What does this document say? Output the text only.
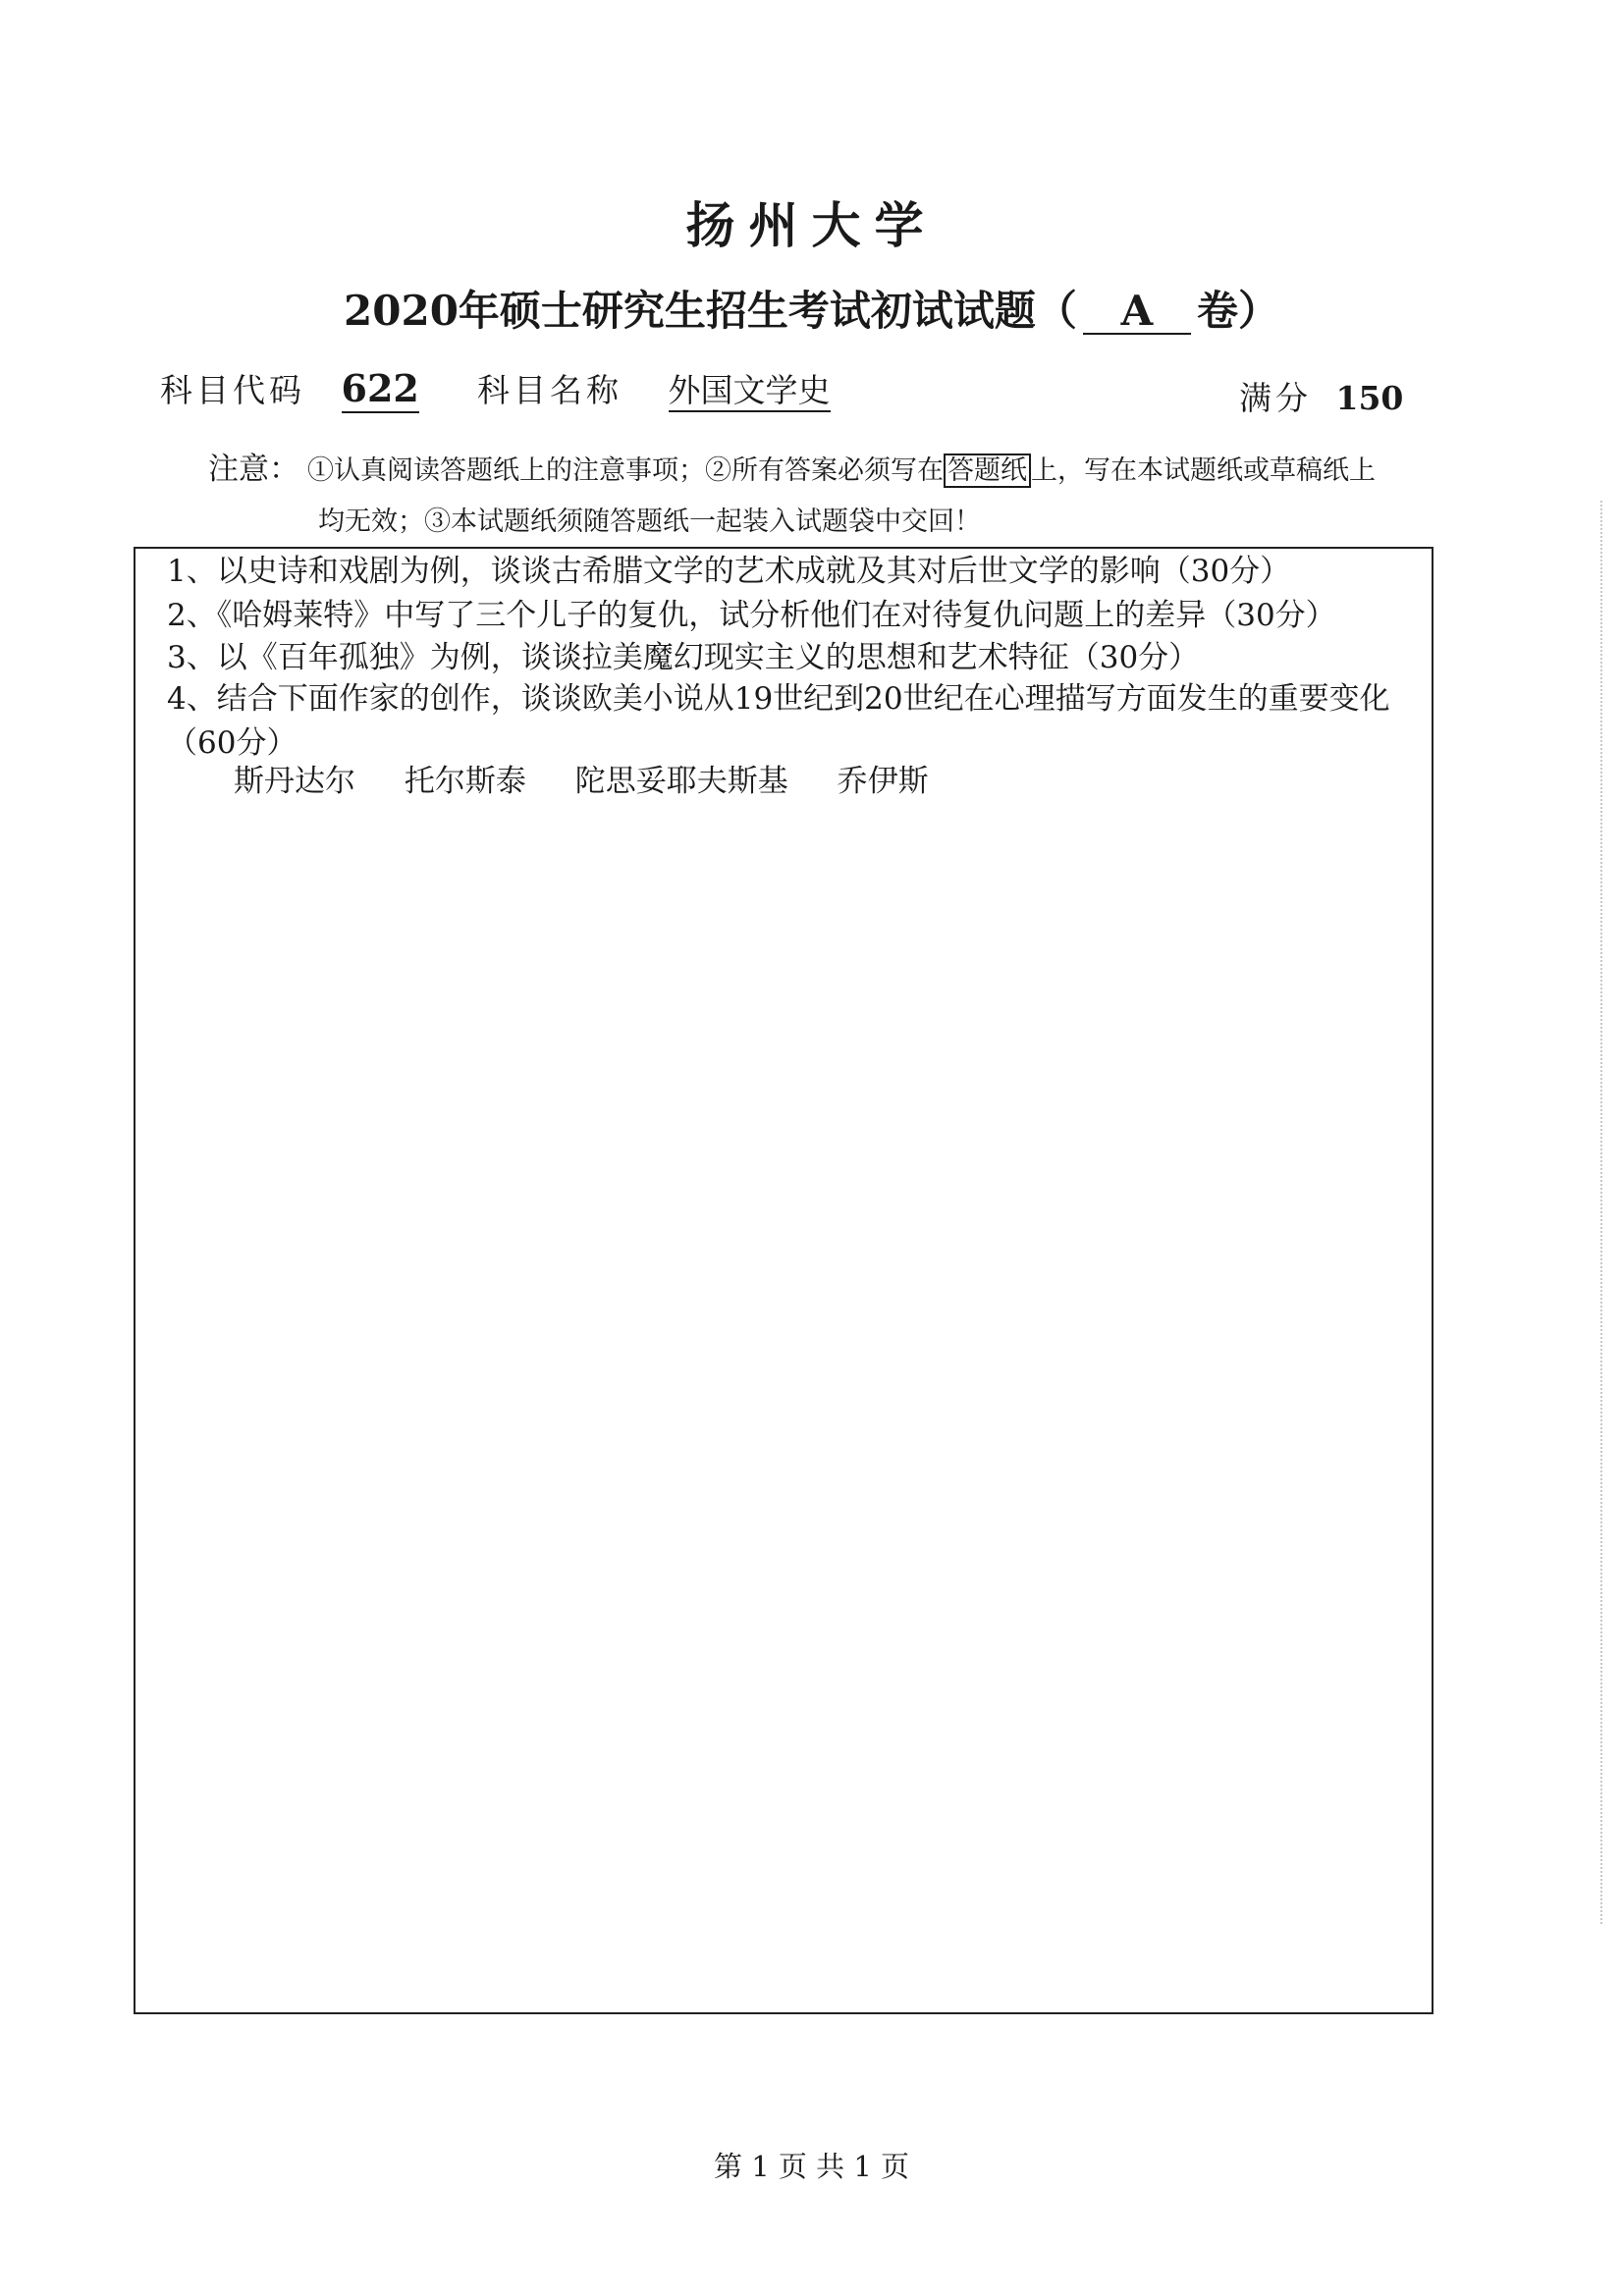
扬州大学
2020年硕士研究生招生考试初试试题（ A 卷）
科目代码 622 科目名称 外国文学史	满分 150
注意： ①认真阅读答题纸上的注意事项；②所有答案必须写在 答题纸 上，写在本试题纸或草稿纸上
均无效；③本试题纸须随答题纸一起装入试题袋中交回！
1、以史诗和戏剧为例，谈谈古希腊文学的艺术成就及其对后世文学的影响（30分）
2、《哈姆莱特》中写了三个儿子的复仇，试分析他们在对待复仇问题上的差异（30分）
3、以《百年孤独》为例，谈谈拉美魔幻现实主义的思想和艺术特征（30分）
4、结合下面作家的创作，谈谈欧美小说从19世纪到20世纪在心理描写方面发生的重要变化（60分）
斯丹达尔 托尔斯泰 陀思妥耶夫斯基 乔伊斯
第 1 页 共 1 页
